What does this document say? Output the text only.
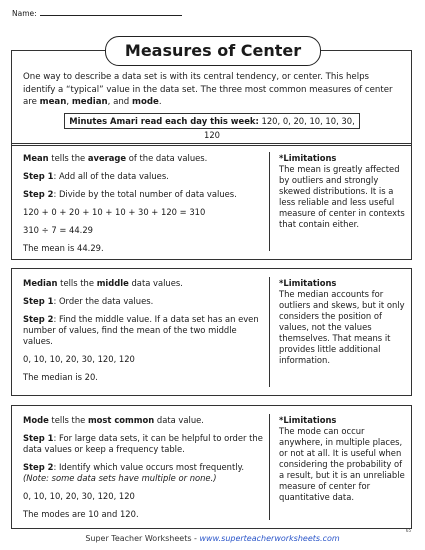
Name:
Measures of Center
One way to describe a data set is with its central tendency, or center. This helps identify a “typical” value in the data set. The three most common measures of center are mean, median, and mode.
Minutes Amari read each day this week: 120, 0, 20, 10, 10, 30, 120

Mean tells the average of the data values.

Step 1: Add all of the data values.

Step 2: Divide by the total number of data values.

120 + 0 + 20 + 10 + 10 + 30 + 120 = 310

310 ÷ 7 = 44.29

The mean is 44.29.

*Limitations

The mean is greatly affected by outliers and strongly skewed distributions. It is a less reliable and less useful measure of center in contexts that contain either.

Median tells the middle data values.

Step 1: Order the data values.

Step 2: Find the middle value. If a data set has an even number of values, find the mean of the two middle values.

0, 10, 10, 20, 30, 120, 120

The median is 20.

*Limitations

The median accounts for outliers and skews, but it only considers the position of values, not the values themselves. That means it provides little additional information.

Mode tells the most common data value.

Step 1: For large data sets, it can be helpful to order the data values or keep a frequency table.

Step 2: Identify which value occurs most frequently.
(Note: some data sets have multiple or none.)

0, 10, 10, 20, 30, 120, 120

The modes are 10 and 120.

*Limitations

The mode can occur anywhere, in multiple places, or not at all. It is useful when considering the probability of a result, but it is an unreliable measure of center for quantitative data.

65
Super Teacher Worksheets - www.superteacherworksheets.com
